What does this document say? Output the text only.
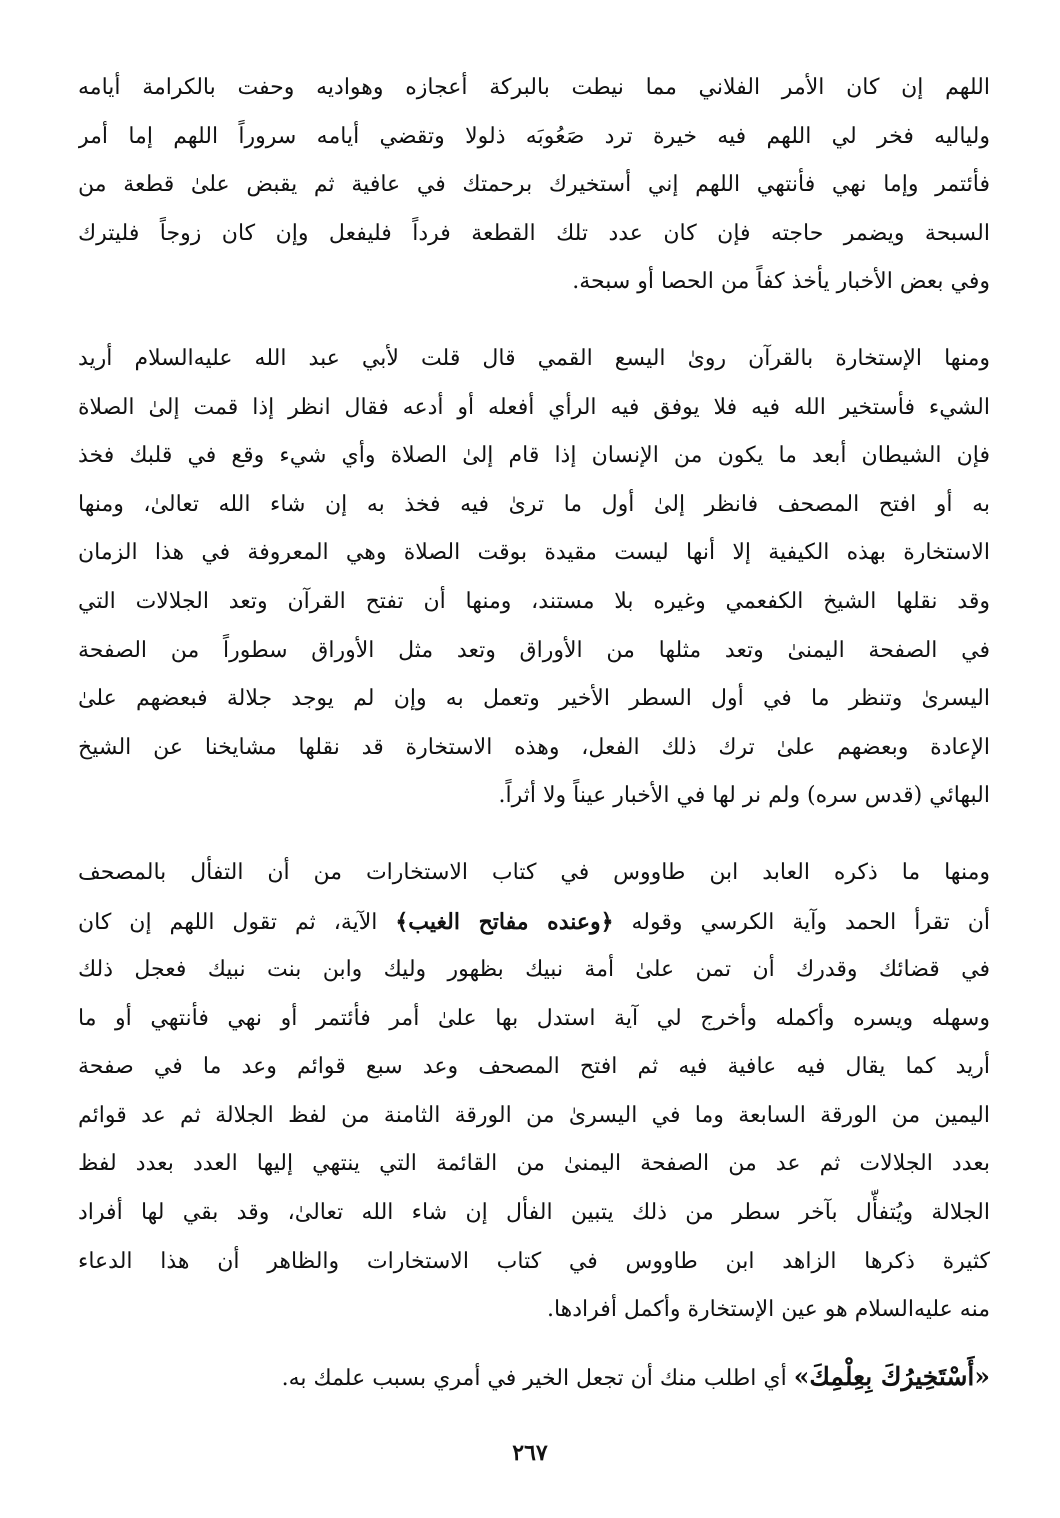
اللهم إن كان الأمر الفلاني مما نيطت بالبركة أعجازه وهواديه وحفت بالكرامة أيامه
ولياليه فخر لي اللهم فيه خيرة ترد صَعُوبَه ذلولا وتقضي أيامه سروراً اللهم إما أمر
فأئتمر وإما نهي فأنتهي اللهم إني أستخيرك برحمتك في عافية ثم يقبض علىٰ قطعة من
السبحة ويضمر حاجته فإن كان عدد تلك القطعة فرداً فليفعل وإن كان زوجاً فليترك
وفي بعض الأخبار يأخذ كفاً من الحصا أو سبحة.
ومنها الإستخارة بالقرآن روىٰ اليسع القمي قال قلت لأبي عبد الله عليه‌السلام أريد
الشيء فأستخير الله فيه فلا يوفق فيه الرأي أفعله أو أدعه فقال انظر إذا قمت إلىٰ الصلاة
فإن الشيطان أبعد ما يكون من الإنسان إذا قام إلىٰ الصلاة وأي شيء وقع في قلبك فخذ
به أو افتح المصحف فانظر إلىٰ أول ما ترىٰ فيه فخذ به إن شاء الله تعالىٰ، ومنها
الاستخارة بهذه الكيفية إلا أنها ليست مقيدة بوقت الصلاة وهي المعروفة في هذا الزمان
وقد نقلها الشيخ الكفعمي وغيره بلا مستند، ومنها أن تفتح القرآن وتعد الجلالات التي
في الصفحة اليمنىٰ وتعد مثلها من الأوراق وتعد مثل الأوراق سطوراً من الصفحة
اليسرىٰ وتنظر ما في أول السطر الأخير وتعمل به وإن لم يوجد جلالة فبعضهم علىٰ
الإعادة وبعضهم علىٰ ترك ذلك الفعل، وهذه الاستخارة قد نقلها مشايخنا عن الشيخ
البهائي (قدس سره) ولم نر لها في الأخبار عيناً ولا أثراً.
ومنها ما ذكره العابد ابن طاووس في كتاب الاستخارات من أن التفأل بالمصحف
أن تقرأ الحمد وآية الكرسي وقوله ﴿وعنده مفاتح الغيب﴾ الآية، ثم تقول اللهم إن كان
في قضائك وقدرك أن تمن علىٰ أمة نبيك بظهور وليك وابن بنت نبيك فعجل ذلك
وسهله ويسره وأكمله وأخرج لي آية استدل بها علىٰ أمر فأئتمر أو نهي فأنتهي أو ما
أريد كما يقال فيه عافية فيه ثم افتح المصحف وعد سبع قوائم وعد ما في صفحة
اليمين من الورقة السابعة وما في اليسرىٰ من الورقة الثامنة من لفظ الجلالة ثم عد قوائم
بعدد الجلالات ثم عد من الصفحة اليمنىٰ من القائمة التي ينتهي إليها العدد بعدد لفظ
الجلالة ويُتفأّل بآخر سطر من ذلك يتبين الفأل إن شاء الله تعالىٰ، وقد بقي لها أفراد
كثيرة ذكرها الزاهد ابن طاووس في كتاب الاستخارات والظاهر أن هذا الدعاء
منه عليه‌السلام هو عين الإستخارة وأكمل أفرادها.
«أَسْتَخِيرُكَ بِعِلْمِكَ» أي اطلب منك أن تجعل الخير في أمري بسبب علمك به.
٢٦٧
